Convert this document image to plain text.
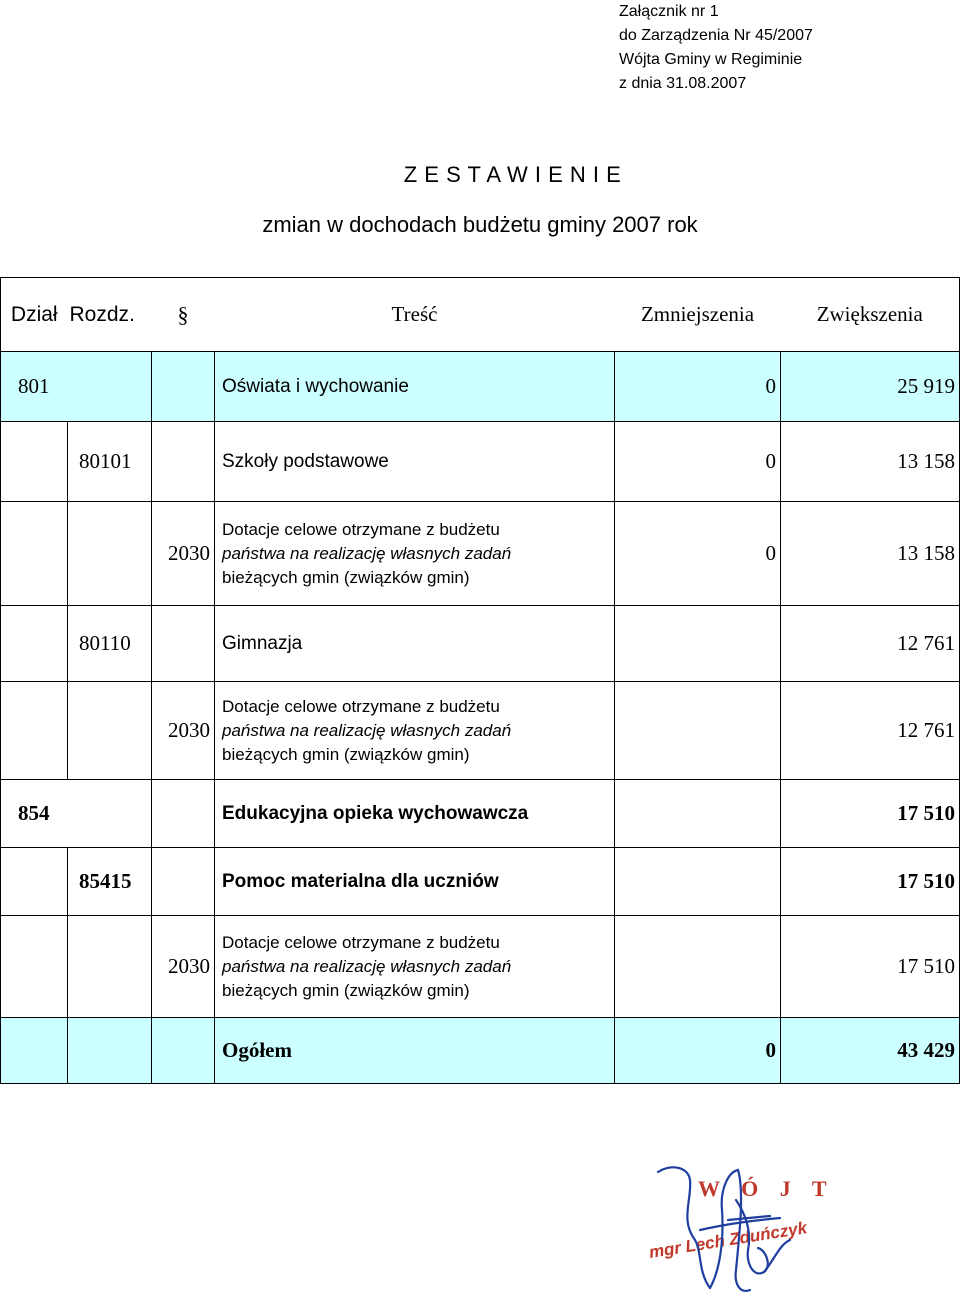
Załącznik nr 1
do Zarządzenia Nr 45/2007
Wójta Gminy w Regiminie
z dnia 31.08.2007
Z E S T A W I E N I E
zmian w dochodach budżetu gminy 2007 rok
Dział	Rozdz.	§	Treść	Zmniejszenia	Zwiększenia
801			Oświata i wychowanie	0	25 919
	80101		Szkoły podstawowe	0	13 158
		2030	Dotacje celowe otrzymane z budżetu
państwa na realizację własnych zadań
bieżących gmin (związków gmin)	0	13 158
	80110		Gimnazja		12 761
		2030	Dotacje celowe otrzymane z budżetu
państwa na realizację własnych zadań
bieżących gmin (związków gmin)		12 761
854			Edukacyjna opieka wychowawcza		17 510
	85415		Pomoc materialna dla uczniów		17 510
		2030	Dotacje celowe otrzymane z budżetu
państwa na realizację własnych zadań
bieżących gmin (związków gmin)		17 510
			Ogółem	0	43 429
W Ó J T
mgr Lech Zduńczyk
